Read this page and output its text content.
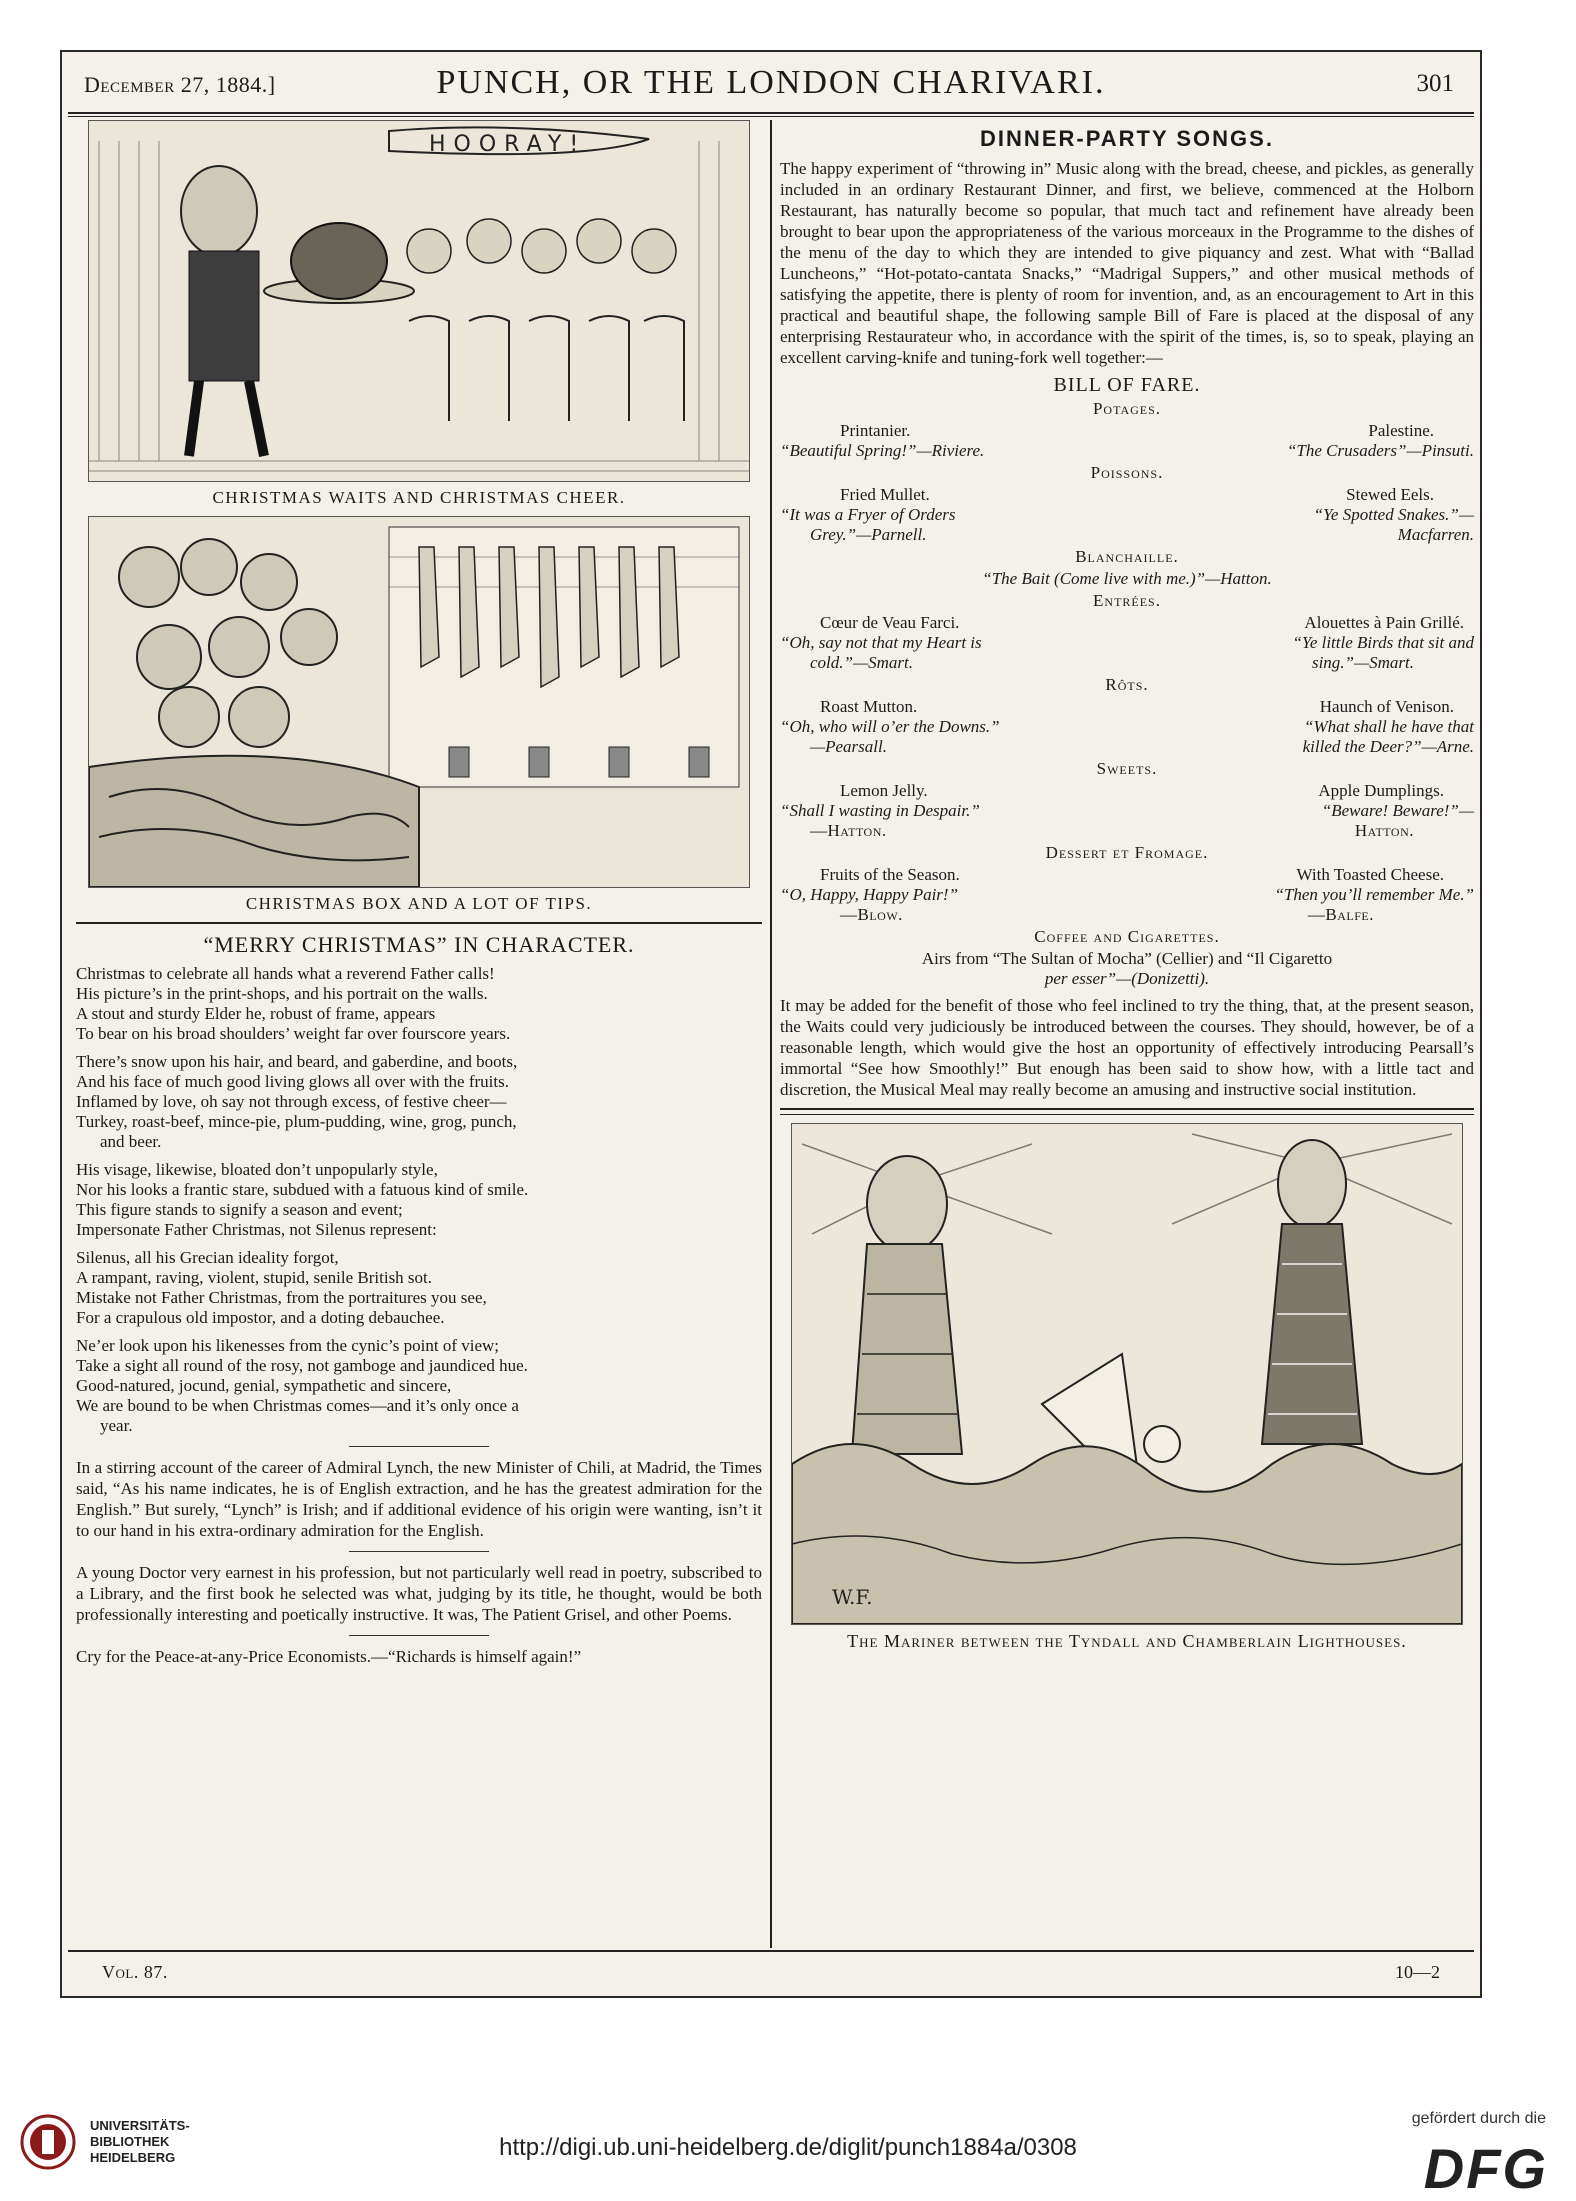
December 27, 1884.]	PUNCH, OR THE LONDON CHARIVARI.	301
HOORAY!
CHRISTMAS WAITS AND CHRISTMAS CHEER.
CHRISTMAS BOX AND A LOT OF TIPS.
“MERRY CHRISTMAS” IN CHARACTER.
Christmas to celebrate all hands what a reverend Father calls!
His picture’s in the print-shops, and his portrait on the walls.
A stout and sturdy Elder he, robust of frame, appears
To bear on his broad shoulders’ weight far over fourscore years.
There’s snow upon his hair, and beard, and gaberdine, and boots,
And his face of much good living glows all over with the fruits.
Inflamed by love, oh say not through excess, of festive cheer—
Turkey, roast-beef, mince-pie, plum-pudding, wine, grog, punch,
and beer.
His visage, likewise, bloated don’t unpopularly style,
Nor his looks a frantic stare, subdued with a fatuous kind of smile.
This figure stands to signify a season and event;
Impersonate Father Christmas, not Silenus represent:
Silenus, all his Grecian ideality forgot,
A rampant, raving, violent, stupid, senile British sot.
Mistake not Father Christmas, from the portraitures you see,
For a crapulous old impostor, and a doting debauchee.
Ne’er look upon his likenesses from the cynic’s point of view;
Take a sight all round of the rosy, not gamboge and jaundiced hue.
Good-natured, jocund, genial, sympathetic and sincere,
We are bound to be when Christmas comes—and it’s only once a
year.

In a stirring account of the career of Admiral Lynch, the new Minister of Chili, at Madrid, the Times said, “As his name indicates, he is of English extraction, and he has the greatest admiration for the English.” But surely, “Lynch” is Irish; and if additional evidence of his origin were wanting, isn’t it to our hand in his extra-ordinary admiration for the English.

A young Doctor very earnest in his profession, but not particularly well read in poetry, subscribed to a Library, and the first book he selected was what, judging by its title, he thought, would be both professionally interesting and poetically instructive. It was, The Patient Grisel, and other Poems.

Cry for the Peace-at-any-Price Economists.—“Richards is himself again!”

DINNER-PARTY SONGS.

The happy experiment of “throwing in” Music along with the bread, cheese, and pickles, as generally included in an ordinary Restaurant Dinner, and first, we believe, commenced at the Holborn Restaurant, has naturally become so popular, that much tact and refinement have already been brought to bear upon the appropriateness of the various morceaux in the Programme to the dishes of the menu of the day to which they are intended to give piquancy and zest. What with “Ballad Luncheons,” “Hot-potato-cantata Snacks,” “Madrigal Suppers,” and other musical methods of satisfying the appetite, there is plenty of room for invention, and, as an encouragement to Art in this practical and beautiful shape, the following sample Bill of Fare is placed at the disposal of any enterprising Restaurateur who, in accordance with the spirit of the times, is, so to speak, playing an excellent carving-knife and tuning-fork well together:—

BILL OF FARE.
Potages.
Printanier.	Palestine.
“Beautiful Spring!”—Riviere.	“The Crusaders”—Pinsuti.
Poissons.
Fried Mullet.	Stewed Eels.
“It was a Fryer of Orders	“Ye Spotted Snakes.”—
Grey.”—Parnell.	Macfarren.
Blanchaille.
“The Bait (Come live with me.)”—Hatton.
Entrées.
Cœur de Veau Farci.	Alouettes à Pain Grillé.
“Oh, say not that my Heart is	“Ye little Birds that sit and
cold.”—Smart.	sing.”—Smart.
Rôts.
Roast Mutton.	Haunch of Venison.
“Oh, who will o’er the Downs.”	“What shall he have that
—Pearsall.	killed the Deer?”—Arne.
Sweets.
Lemon Jelly.	Apple Dumplings.
“Shall I wasting in Despair.”	“Beware! Beware!”—
—Hatton.	Hatton.
Dessert et Fromage.
Fruits of the Season.	With Toasted Cheese.
“O, Happy, Happy Pair!”	“Then you’ll remember Me.”
—Blow.	—Balfe.
Coffee and Cigarettes.
Airs from “The Sultan of Mocha” (Cellier) and “Il Cigaretto
per esser”—(Donizetti).

It may be added for the benefit of those who feel inclined to try the thing, that, at the present season, the Waits could very judiciously be introduced between the courses. They should, however, be of a reasonable length, which would give the host an opportunity of effectively introducing Pearsall’s immortal “See how Smoothly!” But enough has been said to show how, with a little tact and discretion, the Musical Meal may really become an amusing and instructive social institution.

W.F.
The Mariner between the Tyndall and Chamberlain Lighthouses.
Vol. 87.	10—2
UNIVERSITÄTS-
BIBLIOTHEK
HEIDELBERG	http://digi.ub.uni-heidelberg.de/diglit/punch1884a/0308
gefördert durch die
DFG
